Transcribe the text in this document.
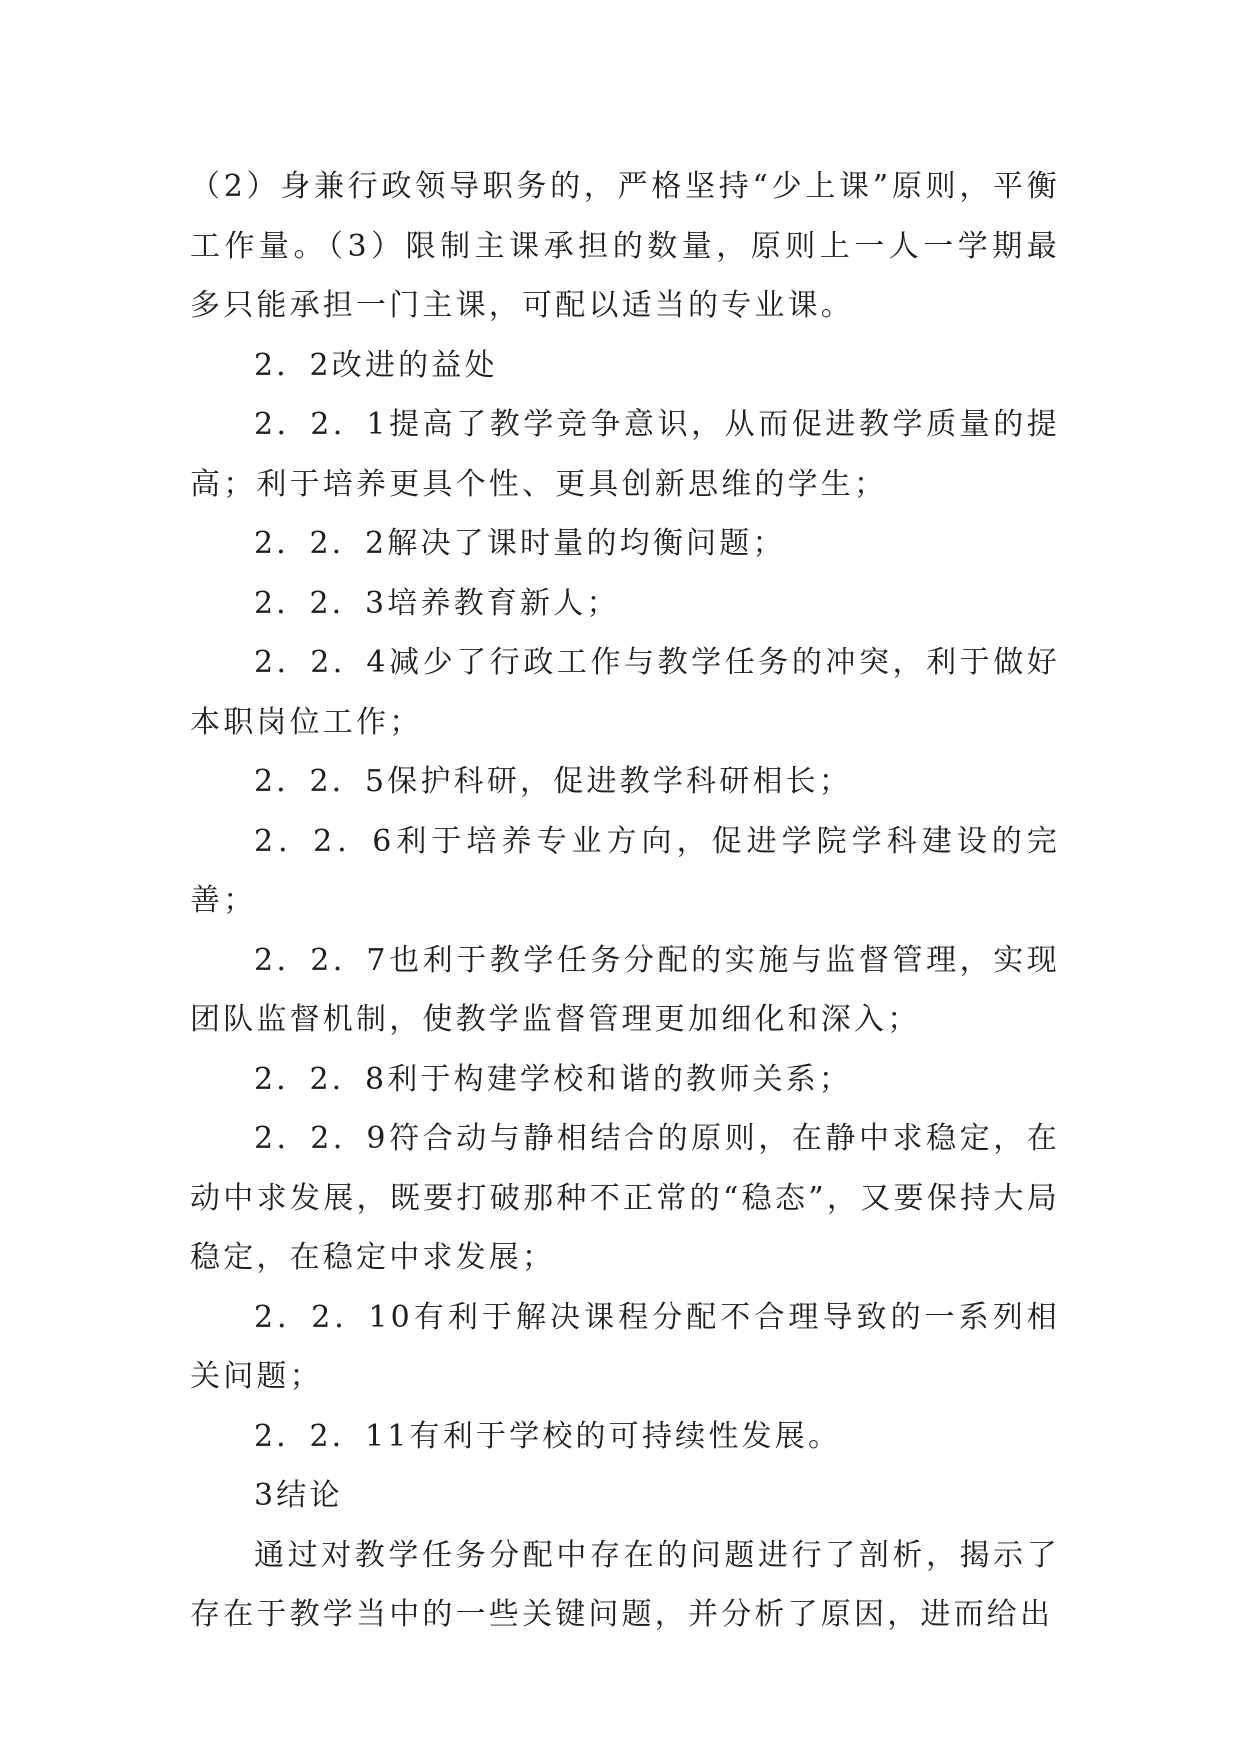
（2）身兼行政领导职务的，严格坚持“少上课”原则，平衡工作量。（3）限制主课承担的数量，原则上一人一学期最多只能承担一门主课，可配以适当的专业课。

2．2改进的益处

2．2．1提高了教学竞争意识，从而促进教学质量的提高；利于培养更具个性、更具创新思维的学生；

2．2．2解决了课时量的均衡问题；

2．2．3培养教育新人；

2．2．4减少了行政工作与教学任务的冲突，利于做好本职岗位工作；

2．2．5保护科研，促进教学科研相长；

2．2．6利于培养专业方向，促进学院学科建设的完善；

2．2．7也利于教学任务分配的实施与监督管理，实现团队监督机制，使教学监督管理更加细化和深入；

2．2．8利于构建学校和谐的教师关系；

2．2．9符合动与静相结合的原则，在静中求稳定，在动中求发展，既要打破那种不正常的“稳态”，又要保持大局稳定，在稳定中求发展；

2．2．10有利于解决课程分配不合理导致的一系列相关问题；

2．2．11有利于学校的可持续性发展。

3结论

通过对教学任务分配中存在的问题进行了剖析，揭示了存在于教学当中的一些关键问题，并分析了原因，进而给出
